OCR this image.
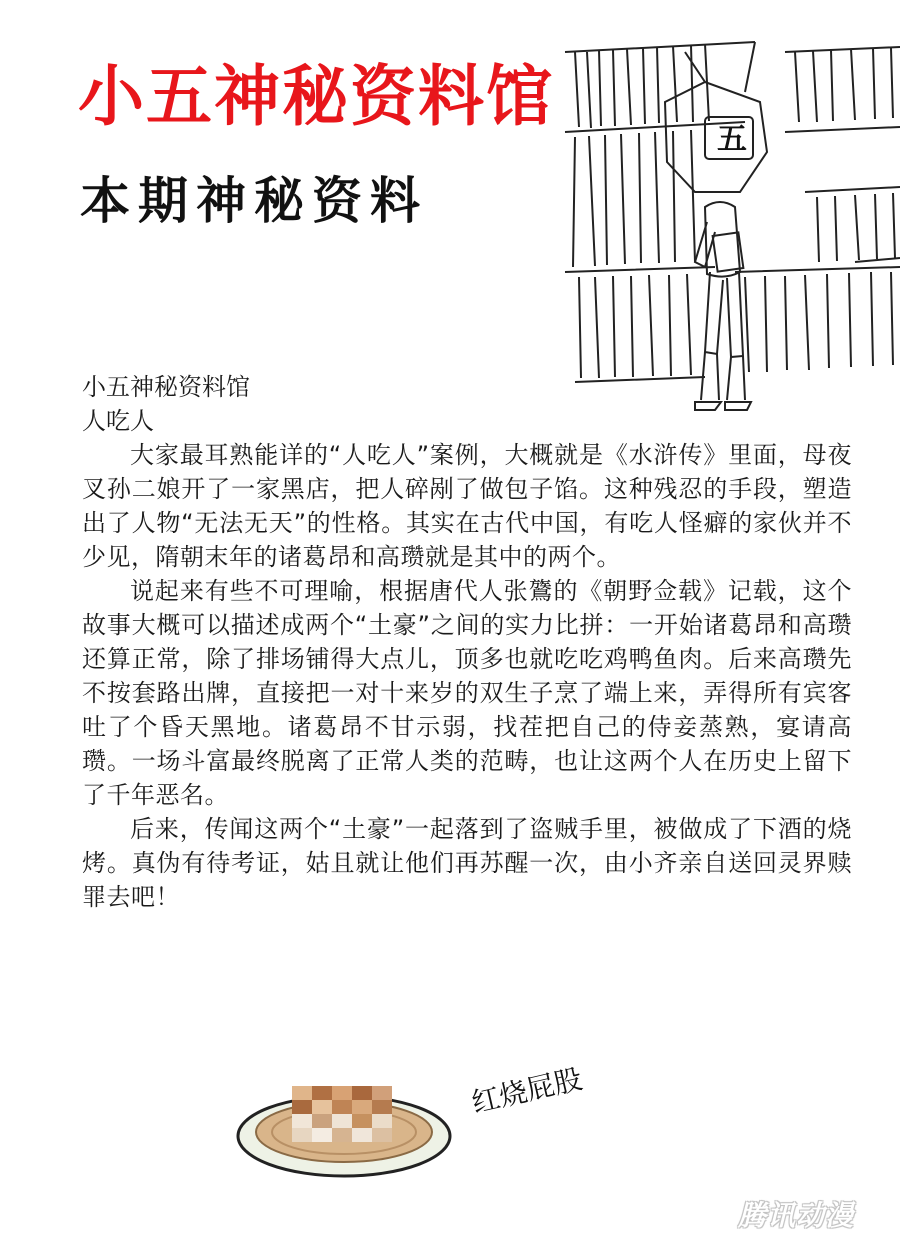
小五神秘资料馆
本期神秘资料
五

小五神秘资料馆

人吃人

大家最耳熟能详的“人吃人”案例，大概就是《水浒传》里面，母夜叉孙二娘开了一家黑店，把人碎剐了做包子馅。这种残忍的手段，塑造出了人物“无法无天”的性格。其实在古代中国，有吃人怪癖的家伙并不少见，隋朝末年的诸葛昂和高瓒就是其中的两个。

说起来有些不可理喻，根据唐代人张鷟的《朝野佥载》记载，这个故事大概可以描述成两个“土豪”之间的实力比拼：一开始诸葛昂和高瓒还算正常，除了排场铺得大点儿，顶多也就吃吃鸡鸭鱼肉。后来高瓒先不按套路出牌，直接把一对十来岁的双生子烹了端上来，弄得所有宾客吐了个昏天黑地。诸葛昂不甘示弱，找茬把自己的侍妾蒸熟，宴请高瓒。一场斗富最终脱离了正常人类的范畴，也让这两个人在历史上留下了千年恶名。

后来，传闻这两个“土豪”一起落到了盗贼手里，被做成了下酒的烧烤。真伪有待考证，姑且就让他们再苏醒一次，由小齐亲自送回灵界赎罪去吧！

红烧屁股
腾讯动漫
